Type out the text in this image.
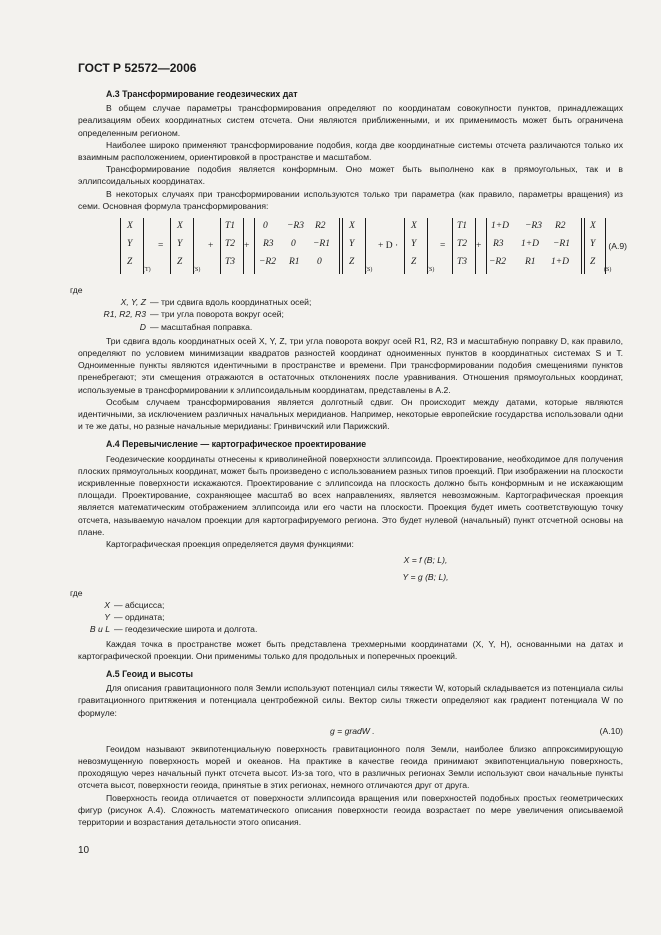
ГОСТ Р 52572—2006
А.3 Трансформирование геодезических дат

В общем случае параметры трансформирования определяют по координатам совокупности пунктов, принадлежащих реализациям обеих координатных систем отсчета. Они являются приближенными, и их применимость может быть ограничена определенным регионом.

Наиболее широко применяют трансформирование подобия, когда две координатные системы отсчета различаются только их взаимным расположением, ориентировкой в пространстве и масштабом.

Трансформирование подобия является конформным. Оно может быть выполнено как в прямоугольных, так и в эллипсоидальных координатах.

В некоторых случаях при трансформировании используются только три параметра (как правило, параметры вращения) из семи. Основная формула трансформирования:

X
Y
Z
(T)
=
X
Y
Z
(S)
+
T1
T2
T3
+
0 −R3 R2
R3 0 −R1
−R2 R1 0
X
Y
Z
(S)
+ D ·
X
Y
Z
(S)
=
T1
T2
T3
+
1+D −R3 R2
R3 1+D −R1
−R2 R1 1+D
X
Y
Z
(S)
(А.9)
где
X, Y, Z — три сдвига вдоль координатных осей;
R1, R2, R3 — три угла поворота вокруг осей;
D — масштабная поправка.

Три сдвига вдоль координатных осей X, Y, Z, три угла поворота вокруг осей R1, R2, R3 и масштабную поправку D, как правило, определяют по условием минимизации квадратов разностей координат одноименных пунктов в координатных системах S и T. Одноименные пункты являются идентичными в пространстве и времени. При трансформировании подобия смещениями пунктов пренебрегают; эти смещения отражаются в остаточных отклонениях после уравнивания. Отношения прямоугольных координат, используемые в трансформировании к эллипсоидальным координатам, представлены в А.2.

Особым случаем трансформирования является долготный сдвиг. Он происходит между датами, которые являются идентичными, за исключением различных начальных меридианов. Например, некоторые европейские государства использовали одни и те же даты, но разные начальные меридианы: Гринвичский или Парижский.

А.4 Перевычисление — картографическое проектирование

Геодезические координаты отнесены к криволинейной поверхности эллипсоида. Проектирование, необходимое для получения плоских прямоугольных координат, может быть произведено с использованием разных типов проекций. При изображении на плоскости искривленные поверхности искажаются. Проектирование с эллипсоида на плоскость должно быть конформным и не искажающим площади. Проектирование, сохраняющее масштаб во всех направлениях, является невозможным. Картографическая проекция является математическим отображением эллипсоида или его части на плоскости. Проекция будет иметь соответствующую точку отсчета, называемую началом проекции для картографируемого региона. Это будет нулевой (начальный) пункт отсчетной основы на плане.

Картографическая проекция определяется двумя функциями:

X = f (B; L),
Y = g (B; L),
где
X — абсцисса;
Y — ордината;
B и L — геодезические широта и долгота.

Каждая точка в пространстве может быть представлена трехмерными координатами (X, Y, H), основанными на датах и картографической проекции. Они применимы только для продольных и поперечных проекций.

А.5 Геоид и высоты

Для описания гравитационного поля Земли используют потенциал силы тяжести W, который складывается из потенциала силы гравитационного притяжения и потенциала центробежной силы. Вектор силы тяжести определяют как градиент потенциала W по формуле:

g = gradW .	(А.10)

Геоидом называют эквипотенциальную поверхность гравитационного поля Земли, наиболее близко аппроксимирующую невозмущенную поверхность морей и океанов. На практике в качестве геоида принимают эквипотенциальную поверхность, проходящую через начальный пункт отсчета высот. Из-за того, что в различных регионах Земли используют свои начальные пункты отсчета высот, поверхности геоида, принятые в этих регионах, немного отличаются друг от друга.

Поверхность геоида отличается от поверхности эллипсоида вращения или поверхностей подобных простых геометрических фигур (рисунок А.4). Сложность математического описания поверхности геоида возрастает по мере увеличения описываемой территории и возрастания детальности этого описания.

10
